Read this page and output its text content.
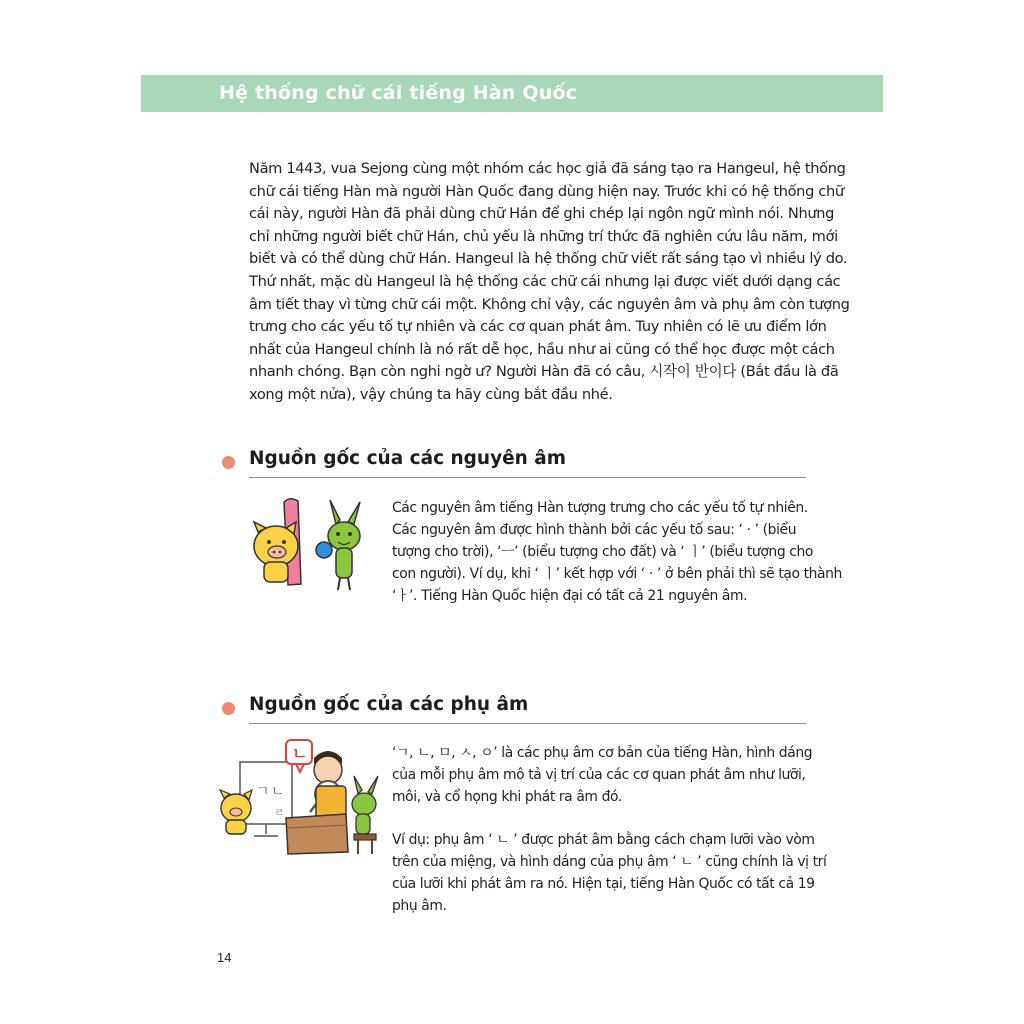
Hệ thống chữ cái tiếng Hàn Quốc
Năm 1443, vua Sejong cùng một nhóm các học giả đã sáng tạo ra Hangeul, hệ thống
chữ cái tiếng Hàn mà người Hàn Quốc đang dùng hiện nay. Trước khi có hệ thống chữ
cái này, người Hàn đã phải dùng chữ Hán để ghi chép lại ngôn ngữ mình nói. Nhưng
chỉ những người biết chữ Hán, chủ yếu là những trí thức đã nghiên cứu lâu năm, mới
biết và có thể dùng chữ Hán. Hangeul là hệ thống chữ viết rất sáng tạo vì nhiều lý do.
Thứ nhất, mặc dù Hangeul là hệ thống các chữ cái nhưng lại được viết dưới dạng các
âm tiết thay vì từng chữ cái một. Không chỉ vậy, các nguyên âm và phụ âm còn tượng
trưng cho các yếu tố tự nhiên và các cơ quan phát âm. Tuy nhiên có lẽ ưu điểm lớn
nhất của Hangeul chính là nó rất dễ học, hầu như ai cũng có thể học được một cách
nhanh chóng. Bạn còn nghi ngờ ư? Người Hàn đã có câu, 시작이 반이다 (Bắt đầu là đã
xong một nửa), vậy chúng ta hãy cùng bắt đầu nhé.
Nguồn gốc của các nguyên âm
Các nguyên âm tiếng Hàn tượng trưng cho các yếu tố tự nhiên.
Các nguyên âm được hình thành bởi các yếu tố sau: ‘ · ’ (biểu
tượng cho trời), ‘ㅡ’ (biểu tượng cho đất) và ‘ ㅣ’ (biểu tượng cho
con người). Ví dụ, khi ‘ ㅣ’ kết hợp với ‘ · ’ ở bên phải thì sẽ tạo thành
‘ㅏ’. Tiếng Hàn Quốc hiện đại có tất cả 21 nguyên âm.
Nguồn gốc của các phụ âm
ㄱ ㄴ
ㄹ
ㄴ	‘ㄱ, ㄴ, ㅁ, ㅅ, ㅇ’ là các phụ âm cơ bản của tiếng Hàn, hình dáng
của mỗi phụ âm mô tả vị trí của các cơ quan phát âm như lưỡi,
môi, và cổ họng khi phát ra âm đó.
Ví dụ: phụ âm ‘ ㄴ ’ được phát âm bằng cách chạm lưỡi vào vòm
trên của miệng, và hình dáng của phụ âm ‘ ㄴ ’ cũng chính là vị trí
của lưỡi khi phát âm ra nó. Hiện tại, tiếng Hàn Quốc có tất cả 19
phụ âm.
14
